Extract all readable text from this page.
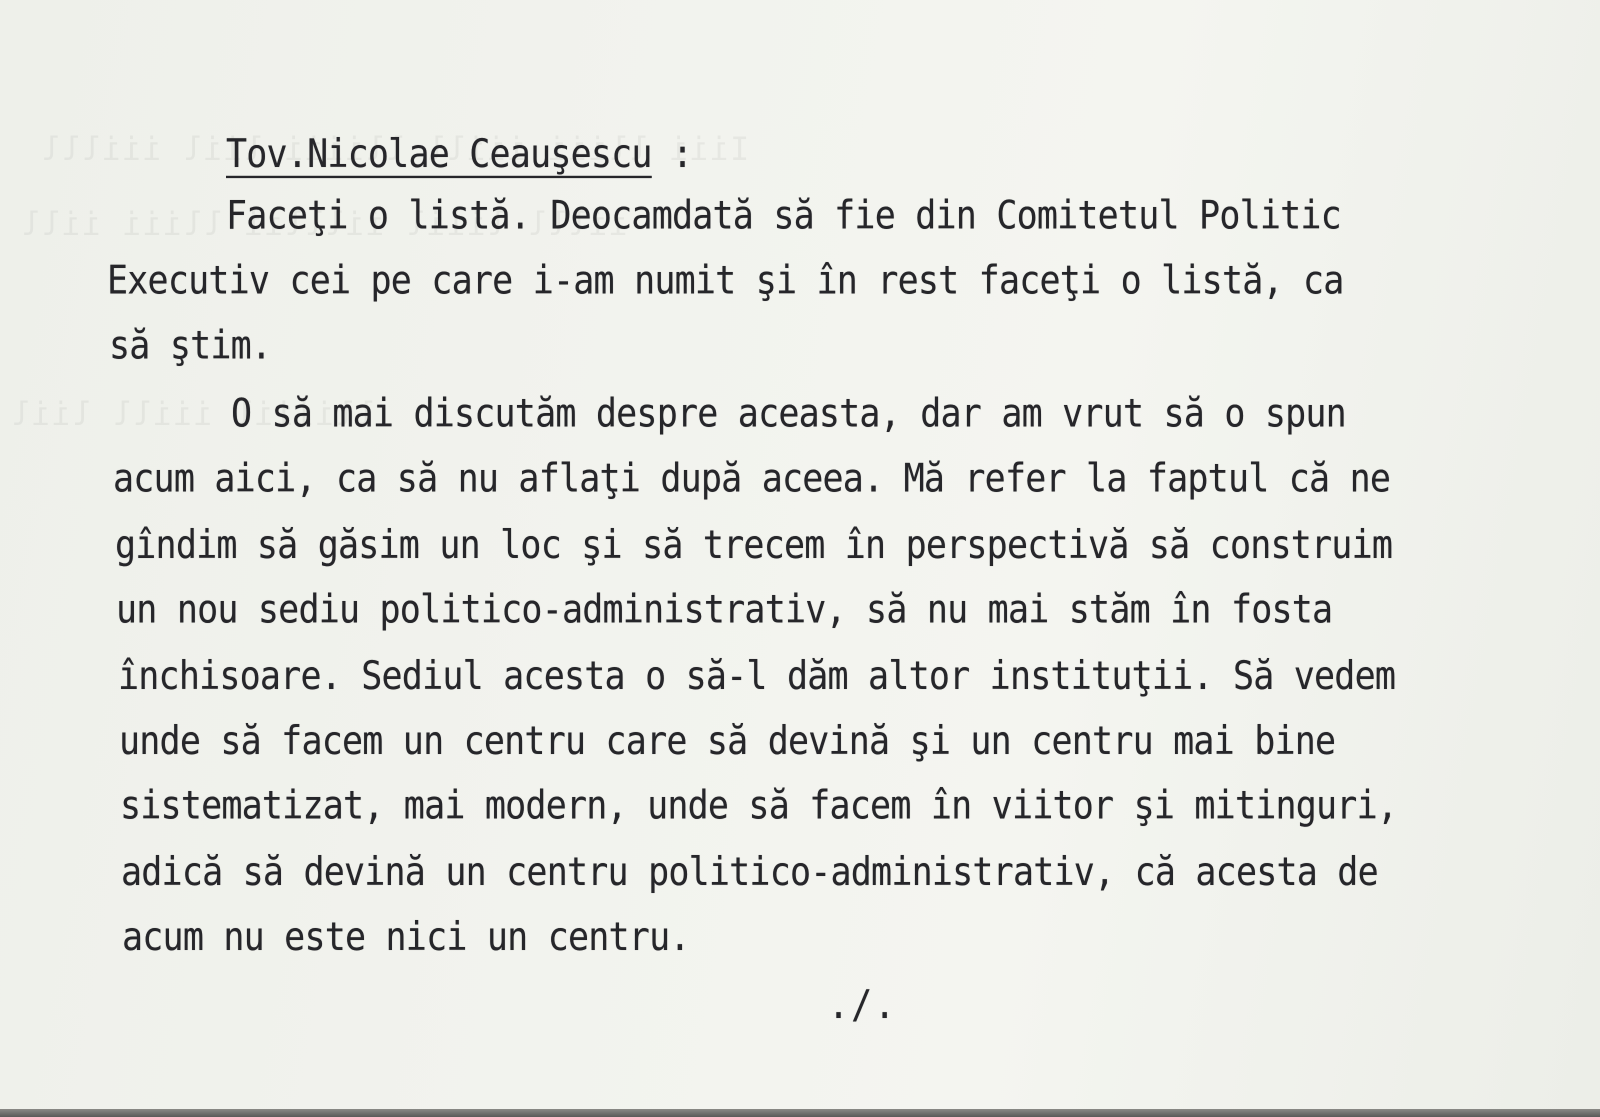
Tov.Nicolae Ceauşescu :
Faceţi o listă. Deocamdată să fie din Comitetul Politic
Executiv cei pe care i-am numit şi în rest faceţi o listă, ca
să ştim.
O să mai discutăm despre aceasta, dar am vrut să o spun
acum aici, ca să nu aflaţi după aceea. Mă refer la faptul că ne
gîndim să găsim un loc şi să trecem în perspectivă să construim
un nou sediu politico-administrativ, să nu mai stăm în fosta
închisoare. Sediul acesta o să-l dăm altor instituţii. Să vedem
unde să facem un centru care să devină şi un centru mai bine
sistematizat, mai modern, unde să facem în viitor şi mitinguri,
adică să devină un centru politico-administrativ, că acesta de
acum nu este nici un centru.
./.
